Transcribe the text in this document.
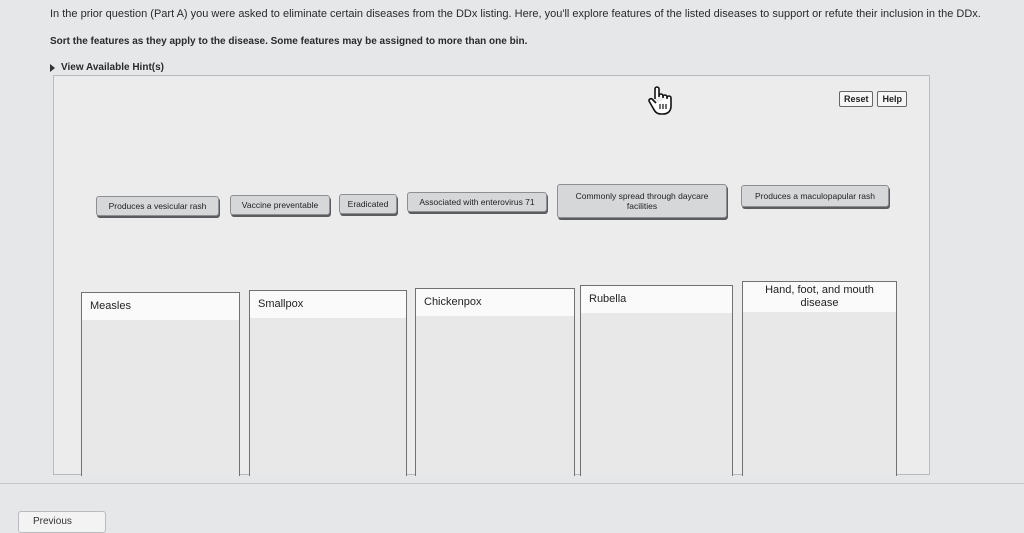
In the prior question (Part A) you were asked to eliminate certain diseases from the DDx listing. Here, you'll explore features of the listed diseases to support or refute their inclusion in the DDx.
Sort the features as they apply to the disease. Some features may be assigned to more than one bin.
View Available Hint(s)
Reset	Help
Produces a vesicular rash	Vaccine preventable	Eradicated	Associated with enterovirus 71
Commonly spread through daycare facilities
Produces a maculopapular rash
Measles	Smallpox	Chickenpox	Rubella
Hand, foot, and mouth disease
Previous
